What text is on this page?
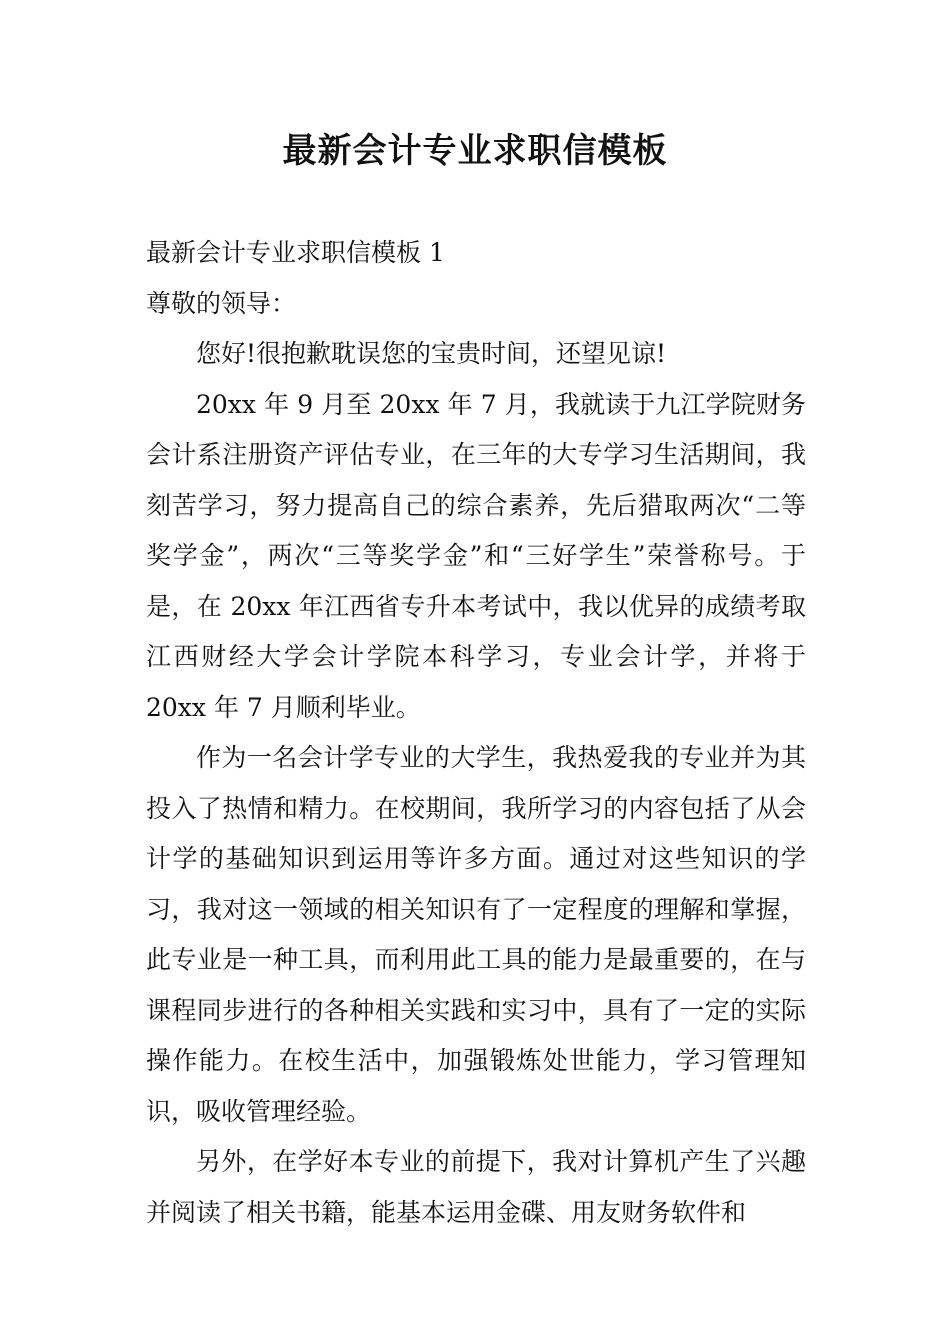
最新会计专业求职信模板

最新会计专业求职信模板 1

尊敬的领导：

您好!很抱歉耽误您的宝贵时间，还望见谅!

20xx 年 9 月至 20xx 年 7 月，我就读于九江学院财务会计系注册资产评估专业，在三年的大专学习生活期间，我刻苦学习，努力提高自己的综合素养，先后猎取两次“二等奖学金”，两次“三等奖学金”和“三好学生”荣誉称号。于是，在 20xx 年江西省专升本考试中，我以优异的成绩考取江西财经大学会计学院本科学习，专业会计学，并将于 20xx 年 7 月顺利毕业。

作为一名会计学专业的大学生，我热爱我的专业并为其投入了热情和精力。在校期间，我所学习的内容包括了从会计学的基础知识到运用等许多方面。通过对这些知识的学习，我对这一领域的相关知识有了一定程度的理解和掌握，此专业是一种工具，而利用此工具的能力是最重要的，在与课程同步进行的各种相关实践和实习中，具有了一定的实际操作能力。在校生活中，加强锻炼处世能力，学习管理知识，吸收管理经验。

另外，在学好本专业的前提下，我对计算机产生了兴趣并阅读了相关书籍，能基本运用金碟、用友财务软件和
